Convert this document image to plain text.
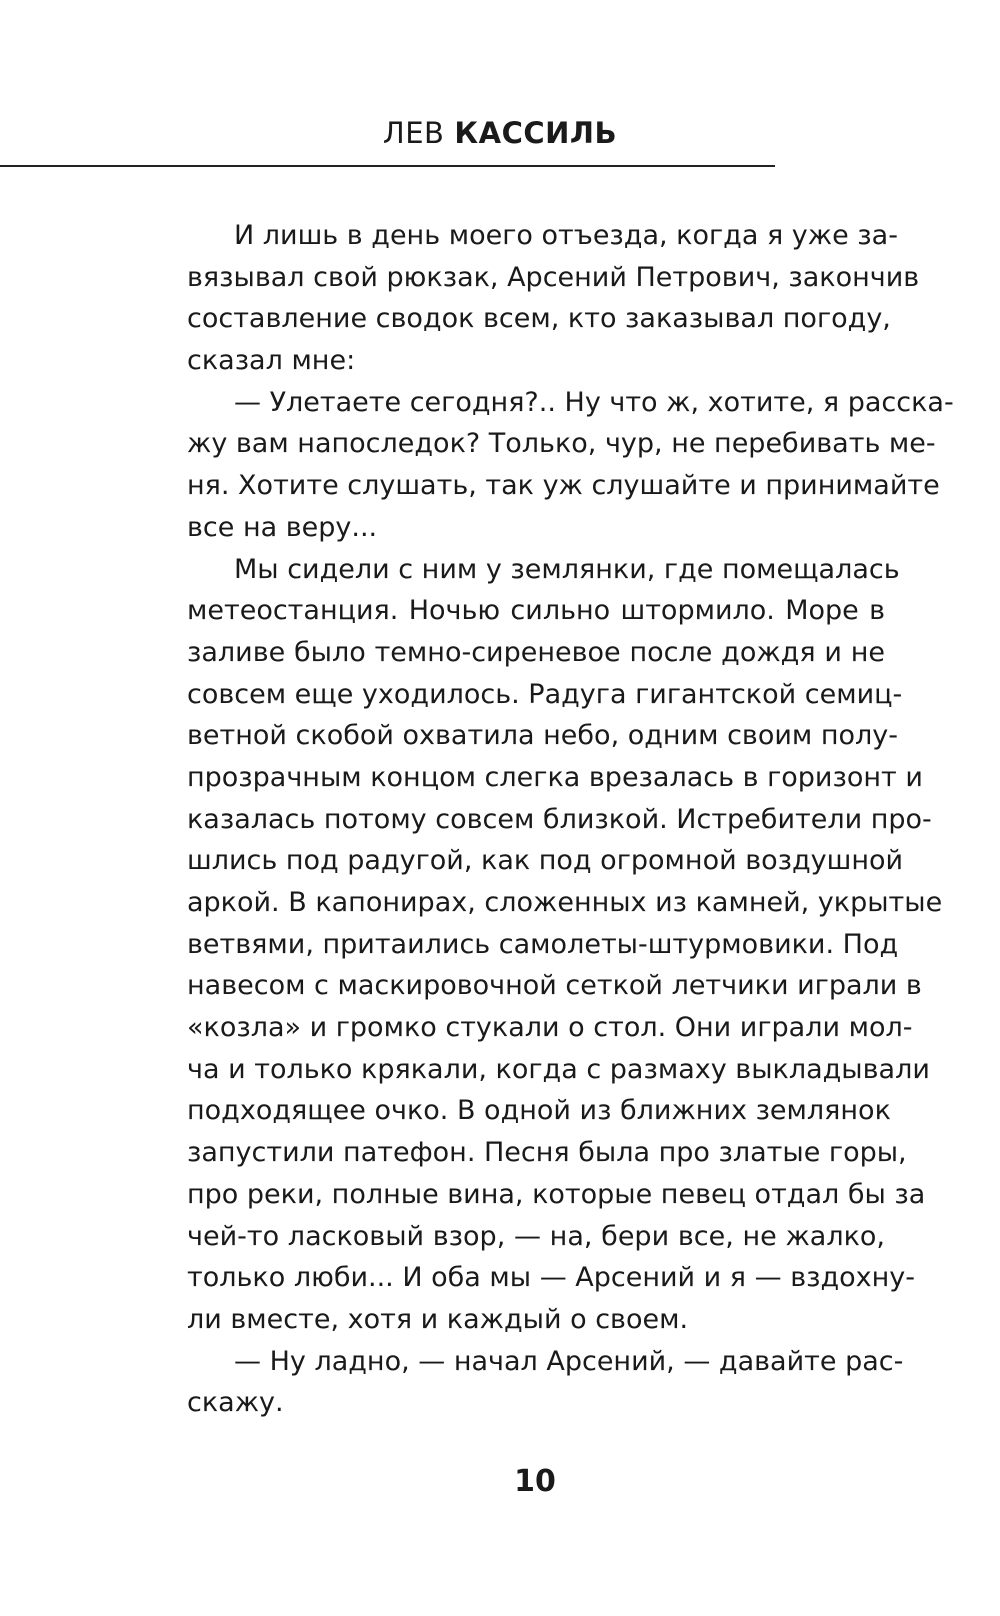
ЛЕВ КАССИЛЬ
И лишь в день моего отъезда, когда я уже за-
вязывал свой рюкзак, Арсений Петрович, закончив
составление сводок всем, кто заказывал погоду,
сказал мне:
— Улетаете сегодня?.. Ну что ж, хотите, я расска-
жу вам напоследок? Только, чур, не перебивать ме-
ня. Хотите слушать, так уж слушайте и принимайте
все на веру...
Мы сидели с ним у землянки, где помещалась
метеостанция. Ночью сильно штормило. Море в
заливе было темно-сиреневое после дождя и не
совсем еще уходилось. Радуга гигантской семиц-
ветной скобой охватила небо, одним своим полу-
прозрачным концом слегка врезалась в горизонт и
казалась потому совсем близкой. Истребители про-
шлись под радугой, как под огромной воздушной
аркой. В капонирах, сложенных из камней, укрытые
ветвями, притаились самолеты-штурмовики. Под
навесом с маскировочной сеткой летчики играли в
«козла» и громко стукали о стол. Они играли мол-
ча и только крякали, когда с размаху выкладывали
подходящее очко. В одной из ближних землянок
запустили патефон. Песня была про златые горы,
про реки, полные вина, которые певец отдал бы за
чей-то ласковый взор, — на, бери все, не жалко,
только люби... И оба мы — Арсений и я — вздохну-
ли вместе, хотя и каждый о своем.
— Ну ладно, — начал Арсений, — давайте рас-
скажу.
10
